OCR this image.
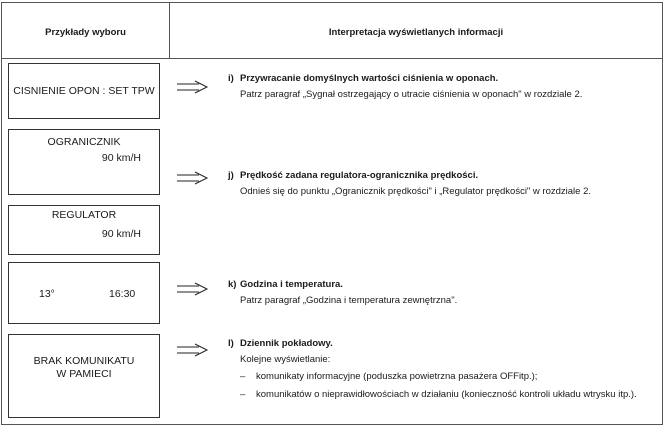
Przykłady wyboru	Interpretacja wyświetlanych informacji
CISNIENIE OPON : SET TPW
OGRANICZNIK
90 km/H
REGULATOR
90 km/H
13°	16:30
BRAK KOMUNIKATU
W PAMIECI
i) Przywracanie domyślnych wartości ciśnienia w oponach.
Patrz paragraf „Sygnał ostrzegający o utracie ciśnienia w oponach" w rozdziale 2.
j) Prędkość zadana regulatora-ogranicznika prędkości.
Odnieś się do punktu „Ogranicznik prędkości" i „Regulator prędkości" w rozdziale 2.
k) Godzina i temperatura.
Patrz paragraf „Godzina i temperatura zewnętrzna".
l) Dziennik pokładowy.
Kolejne wyświetlanie:
– komunikaty informacyjne (poduszka powietrzna pasażera OFFitp.);
– komunikatów o nieprawidłowościach w działaniu (konieczność kontroli układu wtrysku itp.).
